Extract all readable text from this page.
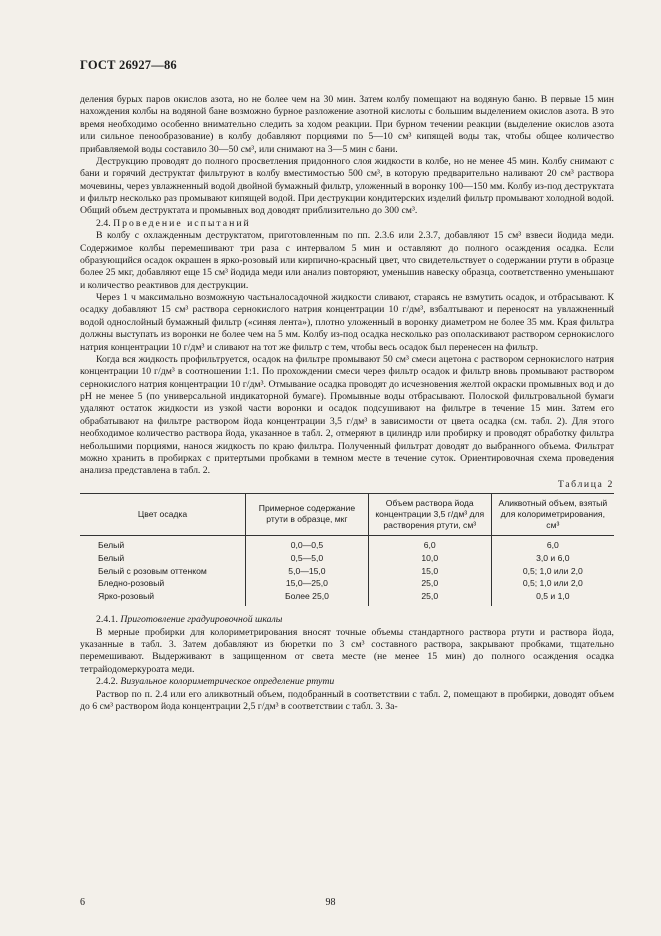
ГОСТ 26927—86

деления бурых паров окислов азота, но не более чем на 30 мин. Затем колбу помещают на водяную баню. В первые 15 мин нахождения колбы на водяной бане возможно бурное разложение азотной кислоты с большим выделением окислов азота. В это время необходимо особенно внимательно следить за ходом реакции. При бурном течении реакции (выделение окислов азота или сильное пенообразование) в колбу добавляют порциями по 5—10 см³ кипящей воды так, чтобы общее количество прибавляемой воды составило 30—50 см³, или снимают на 3—5 мин с бани.

Деструкцию проводят до полного просветления придонного слоя жидкости в колбе, но не менее 45 мин. Колбу снимают с бани и горячий деструктат фильтруют в колбу вместимостью 500 см³, в которую предварительно наливают 20 см³ раствора мочевины, через увлажненный водой двойной бумажный фильтр, уложенный в воронку 100—150 мм. Колбу из-под деструктата и фильтр несколько раз промывают кипящей водой. При деструкции кондитерских изделий фильтр промывают холодной водой. Общий объем деструктата и промывных вод доводят приблизительно до 300 см³.

2.4. Проведение испытаний

В колбу с охлажденным деструктатом, приготовленным по пп. 2.3.6 или 2.3.7, добавляют 15 см³ взвеси йодида меди. Содержимое колбы перемешивают три раза с интервалом 5 мин и оставляют до полного осаждения осадка. Если образующийся осадок окрашен в ярко-розовый или кирпично-красный цвет, что свидетельствует о содержании ртути в образце более 25 мкг, добавляют еще 15 см³ йодида меди или анализ повторяют, уменьшив навеску образца, соответственно уменьшают и количество реактивов для деструкции.

Через 1 ч максимально возможную частьналосадочной жидкости сливают, стараясь не взмутить осадок, и отбрасывают. К осадку добавляют 15 см³ раствора сернокислого натрия концентрации 10 г/дм³, взбалтывают и переносят на увлажненный водой однослойный бумажный фильтр («синяя лента»), плотно уложенный в воронку диаметром не более 35 мм. Края фильтра должны выступать из воронки не более чем на 5 мм. Колбу из-под осадка несколько раз ополаскивают раствором сернокислого натрия концентрации 10 г/дм³ и сливают на тот же фильтр с тем, чтобы весь осадок был перенесен на фильтр.

Когда вся жидкость профильтруется, осадок на фильтре промывают 50 см³ смеси ацетона с раствором сернокислого натрия концентрации 10 г/дм³ в соотношении 1:1. По прохождении смеси через фильтр осадок и фильтр вновь промывают раствором сернокислого натрия концентрации 10 г/дм³. Отмывание осадка проводят до исчезновения желтой окраски промывных вод и до рН не менее 5 (по универсальной индикаторной бумаге). Промывные воды отбрасывают. Полоской фильтровальной бумаги удаляют остаток жидкости из узкой части воронки и осадок подсушивают на фильтре в течение 15 мин. Затем его обрабатывают на фильтре раствором йода концентрации 3,5 г/дм³ в зависимости от цвета осадка (см. табл. 2). Для этого необходимое количество раствора йода, указанное в табл. 2, отмеряют в цилиндр или пробирку и проводят обработку фильтра небольшими порциями, нанося жидкость по краю фильтра. Полученный фильтрат доводят до выбранного объема. Фильтрат можно хранить в пробирках с притертыми пробками в темном месте в течение суток. Ориентировочная схема проведения анализа представлена в табл. 2.

Таблица 2
Цвет осадка	Примерное содержание ртути в образце, мкг	Объем раствора йода концентрации 3,5 г/дм³ для растворения ртути, см³	Аликвотный объем, взятый для колориметрирования, см³
Белый	0,0—0,5	6,0	6,0
Белый	0,5—5,0	10,0	3,0 и 6,0
Белый с розовым оттенком	5,0—15,0	15,0	0,5; 1,0 или 2,0
Бледно-розовый	15,0—25,0	25,0	0,5; 1,0 или 2,0
Ярко-розовый	Более 25,0	25,0	0,5 и 1,0

2.4.1. Приготовление градуировочной шкалы

В мерные пробирки для колориметрирования вносят точные объемы стандартного раствора ртути и раствора йода, указанные в табл. 3. Затем добавляют из бюретки по 3 см³ составного раствора, закрывают пробками, тщательно перемешивают. Выдерживают в защищенном от света месте (не менее 15 мин) до полного осаждения осадка тетрайодомеркуроата меди.

2.4.2. Визуальное колориметрическое определение ртути

Раствор по п. 2.4 или его аликвотный объем, подобранный в соответствии с табл. 2, помещают в пробирки, доводят объем до 6 см³ раствором йода концентрации 2,5 г/дм³ в соответствии с табл. 3. За-

6	98
